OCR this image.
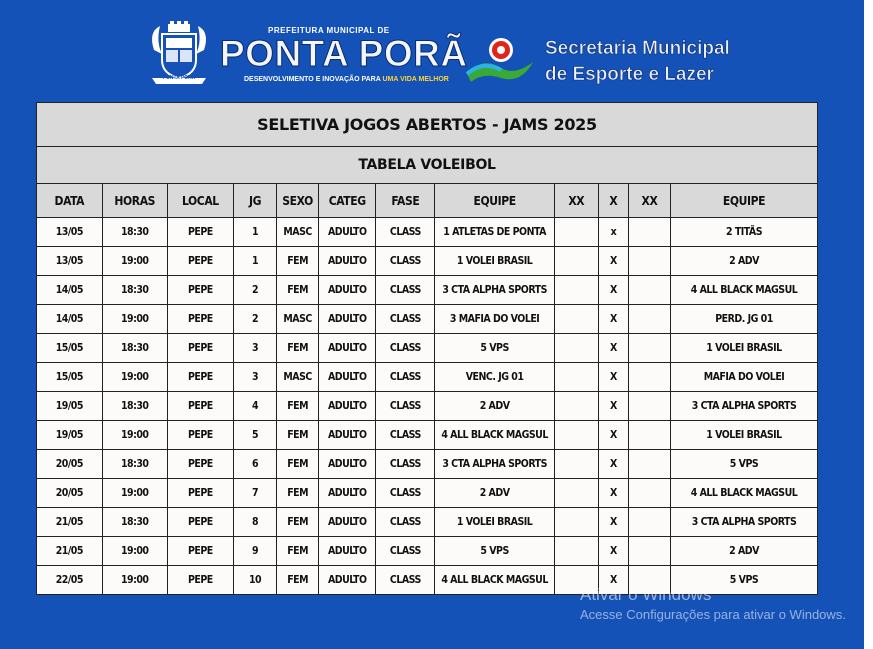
PONTA PORÃ
PREFEITURA MUNICIPAL DE
PONTA PORÃ
DESENVOLVIMENTO E INOVAÇÃO PARA UMA VIDA MELHOR
Secretaria Municipal
de Esporte e Lazer
SELETIVA JOGOS ABERTOS - JAMS 2025
TABELA VOLEIBOL
DATA	HORAS	LOCAL	JG	SEXO	CATEG	FASE	EQUIPE	XX	X	XX	EQUIPE
13/05	18:30	PEPE	1	MASC	ADULTO	CLASS	1 ATLETAS DE PONTA		x		2 TITÃS
13/05	19:00	PEPE	1	FEM	ADULTO	CLASS	1 VOLEI BRASIL		X		2 ADV
14/05	18:30	PEPE	2	FEM	ADULTO	CLASS	3 CTA ALPHA SPORTS		X		4 ALL BLACK MAGSUL
14/05	19:00	PEPE	2	MASC	ADULTO	CLASS	3 MAFIA DO VOLEI		X		PERD. JG 01
15/05	18:30	PEPE	3	FEM	ADULTO	CLASS	5 VPS		X		1 VOLEI BRASIL
15/05	19:00	PEPE	3	MASC	ADULTO	CLASS	VENC. JG 01		X		MAFIA DO VOLEI
19/05	18:30	PEPE	4	FEM	ADULTO	CLASS	2 ADV		X		3 CTA ALPHA SPORTS
19/05	19:00	PEPE	5	FEM	ADULTO	CLASS	4 ALL BLACK MAGSUL		X		1 VOLEI BRASIL
20/05	18:30	PEPE	6	FEM	ADULTO	CLASS	3 CTA ALPHA SPORTS		X		5 VPS
20/05	19:00	PEPE	7	FEM	ADULTO	CLASS	2 ADV		X		4 ALL BLACK MAGSUL
21/05	18:30	PEPE	8	FEM	ADULTO	CLASS	1 VOLEI BRASIL		X		3 CTA ALPHA SPORTS
21/05	19:00	PEPE	9	FEM	ADULTO	CLASS	5 VPS		X		2 ADV
22/05	19:00	PEPE	10	FEM	ADULTO	CLASS	4 ALL BLACK MAGSUL		X		5 VPS
Ativar o Windows
Acesse Configurações para ativar o Windows.
